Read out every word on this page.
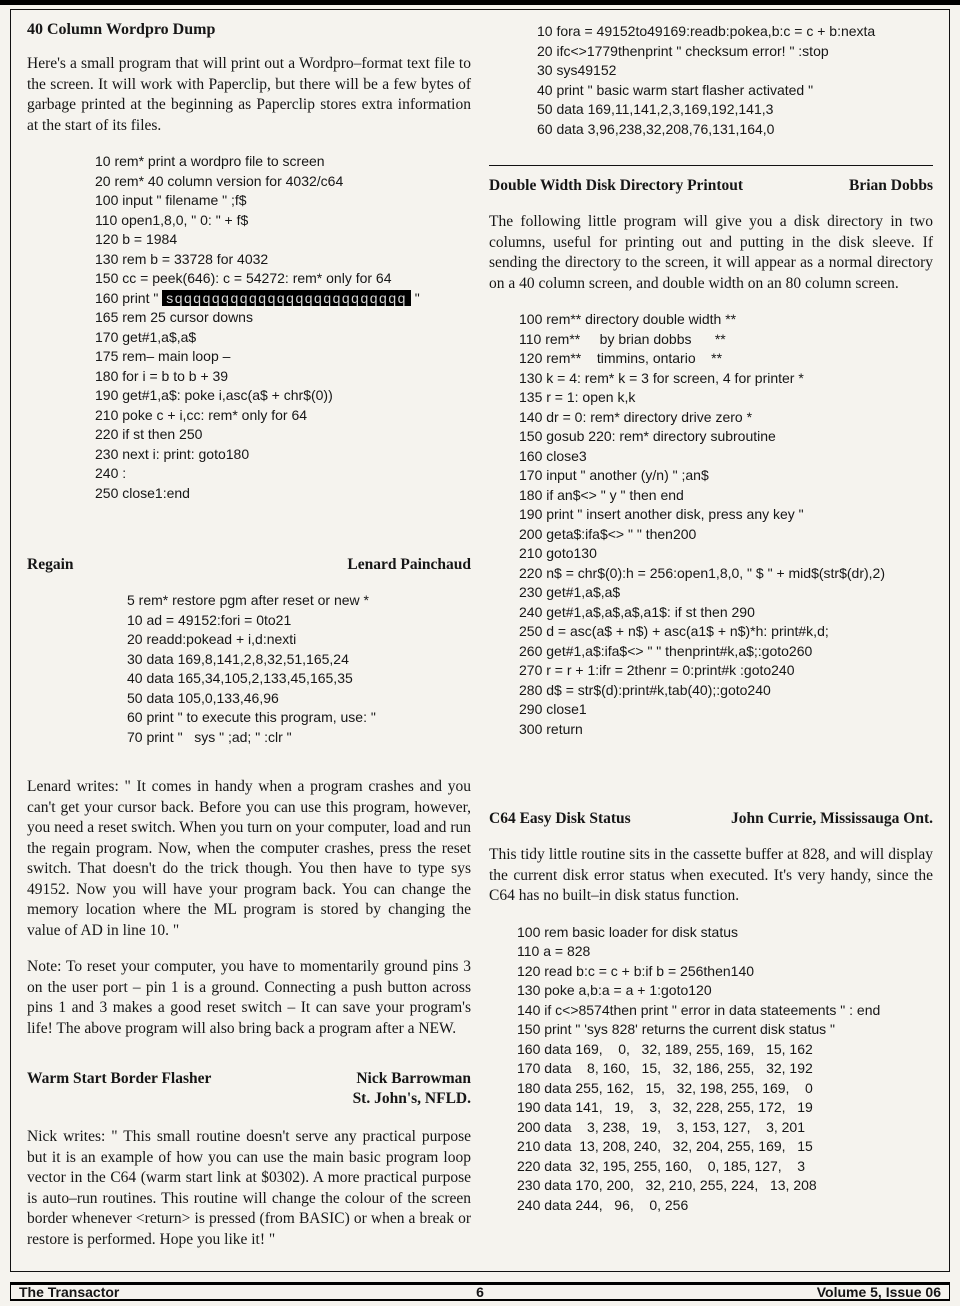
40 Column Wordpro Dump
Here's a small program that will print out a Wordpro–format text file to the screen. It will work with Paperclip, but there will be a few bytes of garbage printed at the beginning as Paperclip stores extra information at the start of its files.
10 rem* print a wordpro file to screen
20 rem* 40 column version for 4032/c64
100 input " filename " ;f$
110 open1,8,0, " 0: " + f$
120 b = 1984
130 rem b = 33728 for 4032
150 cc = peek(646): c = 54272: rem* only for 64
160 print " sqqqqqqqqqqqqqqqqqqqqqqqqq "
165 rem 25 cursor downs
170 get#1,a$,a$
175 rem– main loop –
180 for i = b to b + 39
190 get#1,a$: poke i,asc(a$ + chr$(0))
210 poke c + i,cc: rem* only for 64
220 if st then 250
230 next i: print: goto180
240 :
250 close1:end
Regain	Lenard Painchaud
5 rem* restore pgm after reset or new *
10 ad = 49152:fori = 0to21
20 readd:pokead + i,d:nexti
30 data 169,8,141,2,8,32,51,165,24
40 data 165,34,105,2,133,45,165,35
50 data 105,0,133,46,96
60 print " to execute this program, use: "
70 print "   sys " ;ad; " :clr "
Lenard writes: " It comes in handy when a program crashes and you can't get your cursor back. Before you can use this program, however, you need a reset switch. When you turn on your computer, load and run the regain program. Now, when the computer crashes, press the reset switch. That doesn't do the trick though. You then have to type sys 49152. Now you will have your program back. You can change the memory location where the ML program is stored by changing the value of AD in line 10. "
Note: To reset your computer, you have to momentarily ground pins 3 on the user port – pin 1 is a ground. Connecting a push button across pins 1 and 3 makes a good reset switch – It can save your program's life! The above program will also bring back a program after a NEW.
Warm Start Border Flasher	Nick Barrowman
St. John's, NFLD.
Nick writes: " This small routine doesn't serve any practical purpose but it is an example of how you can use the main basic program loop vector in the C64 (warm start link at $0302). A more practical purpose is auto–run routines. This routine will change the colour of the screen border whenever <return> is pressed (from BASIC) or when a break or restore is performed. Hope you like it! "
10 fora = 49152to49169:readb:pokea,b:c = c + b:nexta
20 ifc<>1779thenprint " checksum error! " :stop
30 sys49152
40 print " basic warm start flasher activated "
50 data 169,11,141,2,3,169,192,141,3
60 data 3,96,238,32,208,76,131,164,0
Double Width Disk Directory Printout	Brian Dobbs
The following little program will give you a disk directory in two columns, useful for printing out and putting in the disk sleeve. If sending the directory to the screen, it will appear as a normal directory on a 40 column screen, and double width on an 80 column screen.
100 rem** directory double width **
110 rem**     by brian dobbs      **
120 rem**    timmins, ontario    **
130 k = 4: rem* k = 3 for screen, 4 for printer *
135 r = 1: open k,k
140 dr = 0: rem* directory drive zero *
150 gosub 220: rem* directory subroutine
160 close3
170 input " another (y/n) " ;an$
180 if an$<> " y " then end
190 print " insert another disk, press any key "
200 geta$:ifa$<> " " then200
210 goto130
220 n$ = chr$(0):h = 256:open1,8,0, " $ " + mid$(str$(dr),2)
230 get#1,a$,a$
240 get#1,a$,a$,a$,a1$: if st then 290
250 d = asc(a$ + n$) + asc(a1$ + n$)*h: print#k,d;
260 get#1,a$:ifa$<> " " thenprint#k,a$;:goto260
270 r = r + 1:ifr = 2thenr = 0:print#k :goto240
280 d$ = str$(d):print#k,tab(40);:goto240
290 close1
300 return
C64 Easy Disk Status	John Currie, Mississauga Ont.
This tidy little routine sits in the cassette buffer at 828, and will display the current disk error status when executed. It's very handy, since the C64 has no built–in disk status function.
100 rem basic loader for disk status
110 a = 828
120 read b:c = c + b:if b = 256then140
130 poke a,b:a = a + 1:goto120
140 if c<>8574then print " error in data stateements " : end
150 print " 'sys 828' returns the current disk status "
160 data 169,    0,   32, 189, 255, 169,   15, 162
170 data    8, 160,   15,   32, 186, 255,   32, 192
180 data 255, 162,   15,   32, 198, 255, 169,    0
190 data 141,   19,    3,   32, 228, 255, 172,   19
200 data    3, 238,   19,    3, 153, 127,    3, 201
210 data  13, 208, 240,   32, 204, 255, 169,   15
220 data  32, 195, 255, 160,    0, 185, 127,    3
230 data 170, 200,   32, 210, 255, 224,   13, 208
240 data 244,   96,    0, 256
The Transactor	6	Volume 5, Issue 06
